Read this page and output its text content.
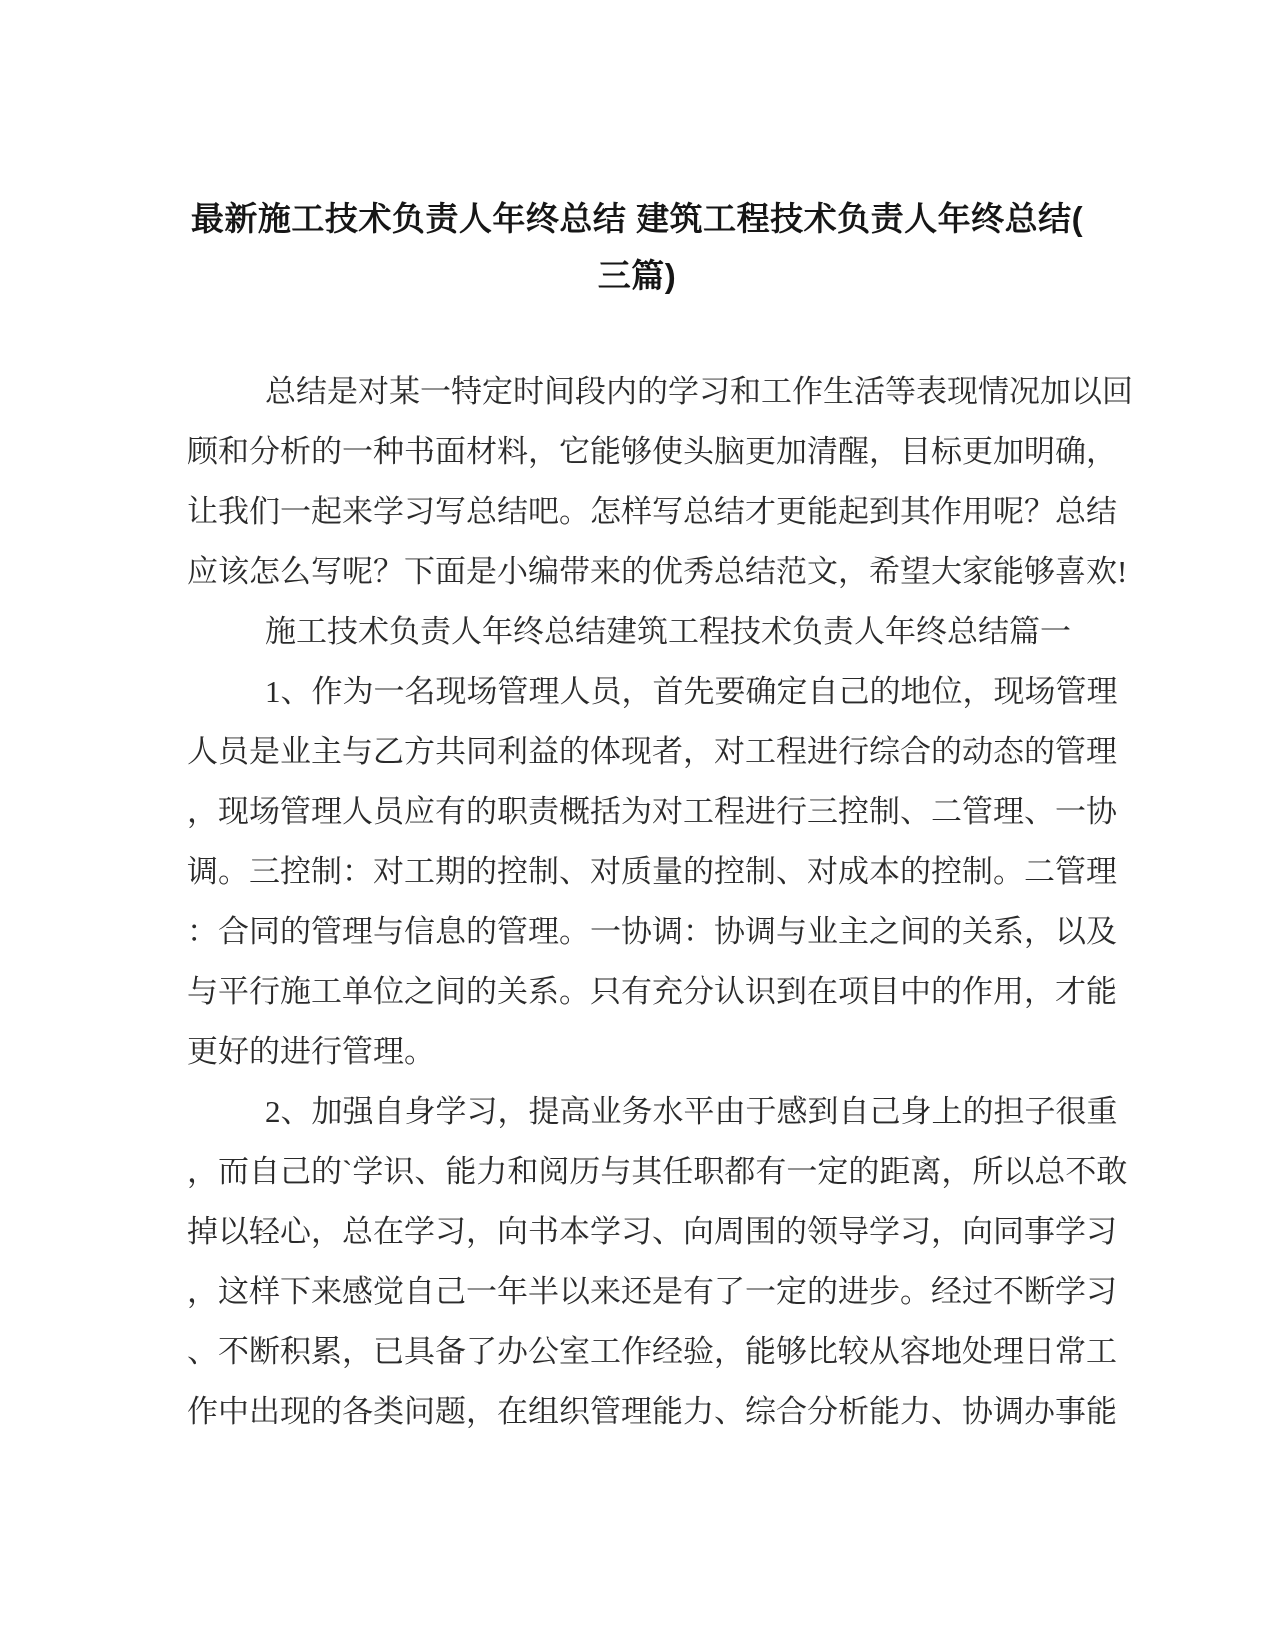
最新施工技术负责人年终总结 建筑工程技术负责人年终总结(
三篇)
总结是对某一特定时间段内的学习和工作生活等表现情况加以回
顾和分析的一种书面材料，它能够使头脑更加清醒，目标更加明确，
让我们一起来学习写总结吧。怎样写总结才更能起到其作用呢？总结
应该怎么写呢？下面是小编带来的优秀总结范文，希望大家能够喜欢!
施工技术负责人年终总结建筑工程技术负责人年终总结篇一
1、作为一名现场管理人员，首先要确定自己的地位，现场管理
人员是业主与乙方共同利益的体现者，对工程进行综合的动态的管理
，现场管理人员应有的职责概括为对工程进行三控制、二管理、一协
调。三控制：对工期的控制、对质量的控制、对成本的控制。二管理
：合同的管理与信息的管理。一协调：协调与业主之间的关系，以及
与平行施工单位之间的关系。只有充分认识到在项目中的作用，才能
更好的进行管理。
2、加强自身学习，提高业务水平由于感到自己身上的担子很重
，而自己的`学识、能力和阅历与其任职都有一定的距离，所以总不敢
掉以轻心，总在学习，向书本学习、向周围的领导学习，向同事学习
，这样下来感觉自己一年半以来还是有了一定的进步。经过不断学习
、不断积累，已具备了办公室工作经验，能够比较从容地处理日常工
作中出现的各类问题，在组织管理能力、综合分析能力、协调办事能
